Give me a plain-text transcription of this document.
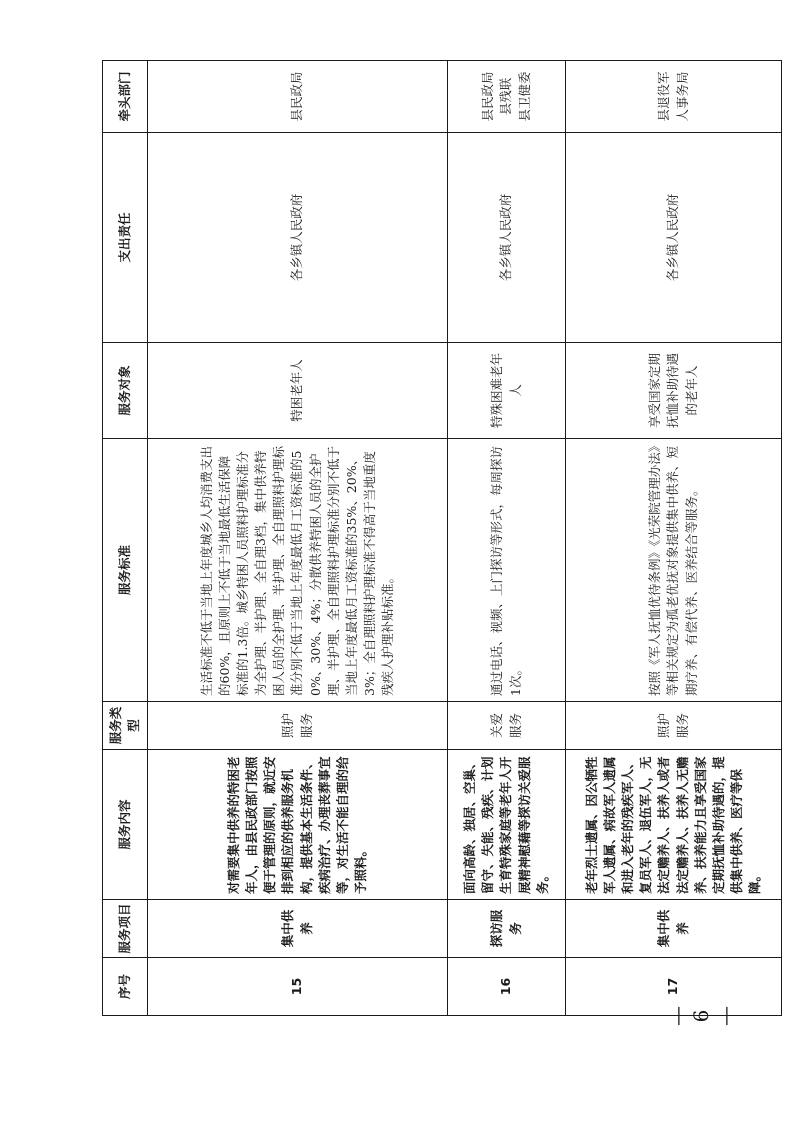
序号	服务项目	服务内容	服务类型	服务标准	服务对象	支出责任	牵头部门
15	集中供养	对需要集中供养的特困老年人，由县民政部门按照便于管理的原则，就近安排到相应的供养服务机构，提供基本生活条件、疾病治疗、办理丧葬事宜等，对生活不能自理的给予照料。	照护服务	生活标准不低于当地上年度城乡人均消费支出的60%，且原则上不低于当地最低生活保障标准的1.3倍。城乡特困人员照料护理标准分为全护理、半护理、全自理3档，集中供养特困人员的全护理、半护理、全自理照料护理标准分别不低于当地上年度最低月工资标准的50%、30%、4%；分散供养特困人员的全护理、半护理、全自理照料护理标准分别不低于当地上年度最低月工资标准的35%、20%、3%；全自理照料护理标准不得高于当地重度残疾人护理补贴标准。	特困老年人	各乡镇人民政府	县民政局

16	探访服务	面向高龄、独居、空巢、留守、失能、残疾、计划生育特殊家庭等老年人开展精神慰藉等探访关爱服务。	关爱服务	通过电话、视频、上门探访等形式，每周探访1次。	特殊困难老年人	各乡镇人民政府	县民政局 县残联 县卫健委

17	集中供养	老年烈士遗属、因公牺牲军人遗属、病故军人遗属和进入老年的残疾军人、复员军人、退伍军人，无法定赡养人、扶养人或者法定赡养人、扶养人无赡养、扶养能力且享受国家定期抚恤补助待遇的，提供集中供养、医疗等保障。	照护服务	按照《军人抚恤优待条例》《光荣院管理办法》等相关规定为孤老优抚对象提供集中供养、短期疗养、有偿代养、医养结合等服务。	享受国家定期抚恤补助待遇的老年人	各乡镇人民政府	县退役军人事务局
—6—
